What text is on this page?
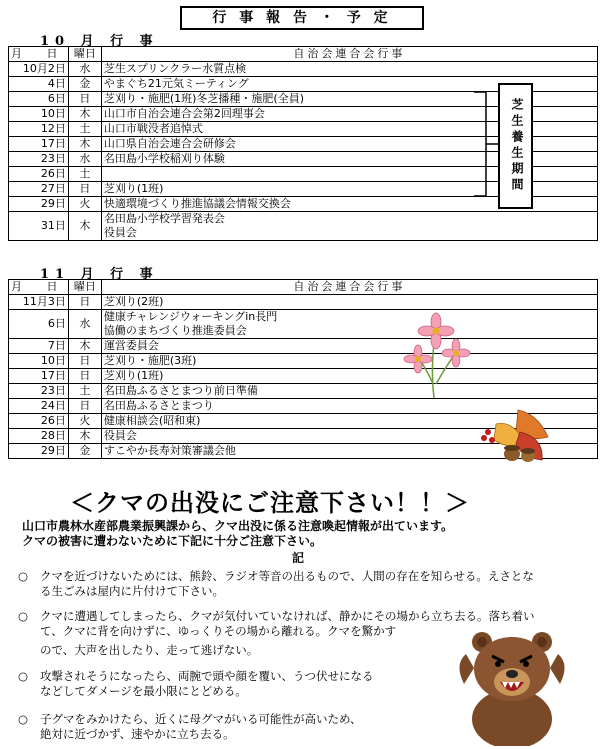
行 事 報 告 ・ 予 定
10 月 行 事
月　 日	曜日	自治会連合会行事
10月2日	水	芝生スプリンクラー水質点検
4日	金	やまぐち21元気ミーティング
6日	日	芝刈り・施肥(1班)冬芝播種・施肥(全員)
10日	木	山口市自治会連合会第2回理事会
12日	土	山口市戦没者追悼式
17日	木	山口県自治会連合会研修会
23日	水	名田島小学校稲刈り体験
26日	土	
27日	日	芝刈り(1班)
29日	火	快適環境づくり推進協議会情報交換会
31日	木	名田島小学校学習発表会
役員会
芝生養生期間
11 月 行 事
月　 日	曜日	自治会連合会行事
11月3日	日	芝刈り(2班)
6日	水	健康チャレンジウォーキングin長門
協働のまちづくり推進委員会

7日	木	運営委員会
10日	日	芝刈り・施肥(3班)
17日	日	芝刈り(1班)
23日	土	名田島ふるさとまつり前日準備
24日	日	名田島ふるさとまつり
26日	火	健康相談会(昭和東)
28日	木	役員会
29日	金	すこやか長寿対策審議会他
＜クマの出没にご注意下さい！！＞
山口市農林水産部農業振興課から、クマ出没に係る注意喚起情報が出ています。
クマの被害に遭わないために下記に十分ご注意下さい。
記
○ クマを近づけないためには、熊鈴、ラジオ等音の出るもので、人間の存在を知らせる。えさとな
る生ごみは屋内に片付けて下さい。
○ クマに遭遇してしまったら、クマが気付いていなければ、静かにその場から立ち去る。落ち着い
て、クマに背を向けずに、ゆっくりその場から離れる。クマを驚かす
ので、大声を出したり、走って逃げない。
○ 攻撃されそうになったら、両腕で頭や顔を覆い、うつ伏せになる
などしてダメージを最小限にとどめる。
○ 子グマをみかけたら、近くに母グマがいる可能性が高いため、
絶対に近づかず、速やかに立ち去る。
